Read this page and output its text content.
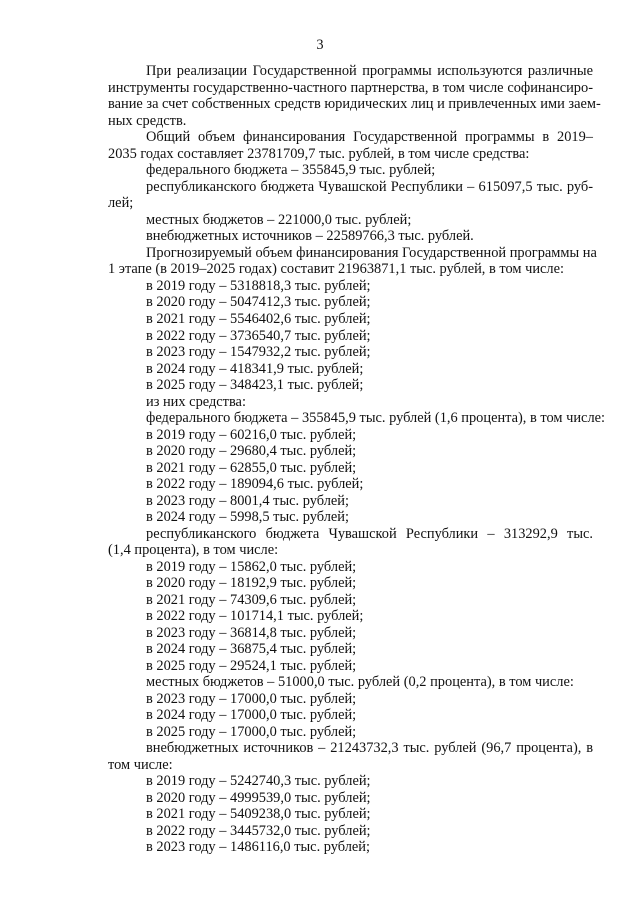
3
При реализации Государственной программы используются различные
инструменты государственно-частного партнерства, в том числе софинансиро-
вание за счет собственных средств юридических лиц и привлеченных ими заем-
ных средств.
Общий объем финансирования Государственной программы в 2019–
2035 годах составляет 23781709,7 тыс. рублей, в том числе средства:
федерального бюджета – 355845,9 тыс. рублей;
республиканского бюджета Чувашской Республики – 615097,5 тыс. руб-
лей;
местных бюджетов – 221000,0 тыс. рублей;
внебюджетных источников – 22589766,3 тыс. рублей.
Прогнозируемый объем финансирования Государственной программы на
1 этапе (в 2019–2025 годах) составит 21963871,1 тыс. рублей, в том числе:
в 2019 году – 5318818,3 тыс. рублей;
в 2020 году – 5047412,3 тыс. рублей;
в 2021 году – 5546402,6 тыс. рублей;
в 2022 году – 3736540,7 тыс. рублей;
в 2023 году – 1547932,2 тыс. рублей;
в 2024 году – 418341,9 тыс. рублей;
в 2025 году – 348423,1 тыс. рублей;
из них средства:
федерального бюджета – 355845,9 тыс. рублей (1,6 процента), в том числе:
в 2019 году – 60216,0 тыс. рублей;
в 2020 году – 29680,4 тыс. рублей;
в 2021 году – 62855,0 тыс. рублей;
в 2022 году – 189094,6 тыс. рублей;
в 2023 году – 8001,4 тыс. рублей;
в 2024 году – 5998,5 тыс. рублей;
республиканского бюджета Чувашской Республики – 313292,9 тыс.
(1,4 процента), в том числе:
в 2019 году – 15862,0 тыс. рублей;
в 2020 году – 18192,9 тыс. рублей;
в 2021 году – 74309,6 тыс. рублей;
в 2022 году – 101714,1 тыс. рублей;
в 2023 году – 36814,8 тыс. рублей;
в 2024 году – 36875,4 тыс. рублей;
в 2025 году – 29524,1 тыс. рублей;
местных бюджетов – 51000,0 тыс. рублей (0,2 процента), в том числе:
в 2023 году – 17000,0 тыс. рублей;
в 2024 году – 17000,0 тыс. рублей;
в 2025 году – 17000,0 тыс. рублей;
внебюджетных источников – 21243732,3 тыс. рублей (96,7 процента), в
том числе:
в 2019 году – 5242740,3 тыс. рублей;
в 2020 году – 4999539,0 тыс. рублей;
в 2021 году – 5409238,0 тыс. рублей;
в 2022 году – 3445732,0 тыс. рублей;
в 2023 году – 1486116,0 тыс. рублей;
